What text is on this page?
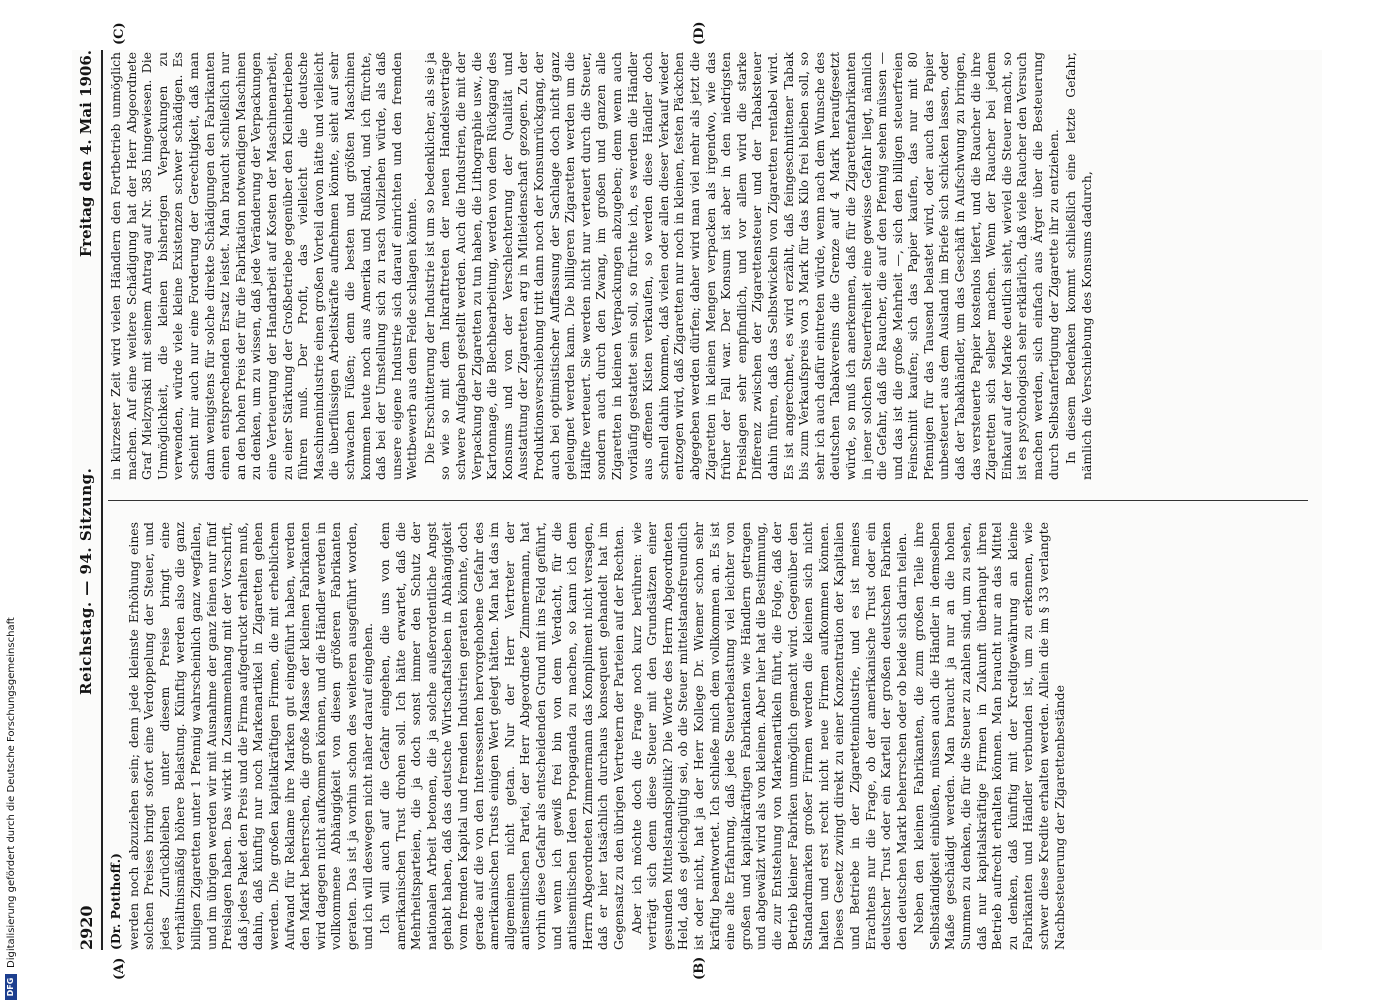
2920
Reichstag. — 94. Sitzung.
Freitag den 4. Mai 1906.

(Dr. Potthoff.) werden noch abzuziehen sein; denn jede kleinste Erhöhung eines solchen Preises bringt sofort eine Verdoppelung der Steuer, und jedes Zurückbleiben unter diesem Preise bringt eine verhältnismäßig höhere Belastung. Künftig werden also die ganz billigen Zigaretten unter 1 Pfennig wahrscheinlich ganz wegfallen, und im übrigen werden wir mit Ausnahme der ganz feinen nur fünf Preislagen haben. Das wirkt in Zusammenhang mit der Vorschrift, daß jedes Paket den Preis und die Firma aufgedruckt erhalten muß, dahin, daß künftig nur noch Markenartikel in Zigaretten gehen werden. Die großen kapitalkräftigen Firmen, die mit erheblichem Aufwand für Reklame ihre Marken gut eingeführt haben, werden den Markt beherrschen, die große Masse der kleinen Fabrikanten wird dagegen nicht aufkommen können, und die Händler werden in vollkommene Abhängigkeit von diesen größeren Fabrikanten geraten. Das ist ja vorhin schon des weiteren ausgeführt worden, und ich will deswegen nicht näher darauf eingehen. Ich will auch auf die Gefahr eingehen, die uns von dem amerikanischen Trust drohen soll. Ich hätte erwartet, daß die Mehrheitsparteien, die ja doch sonst immer den Schutz der nationalen Arbeit betonen, die ja solche außerordentliche Angst gehabt haben, daß das deutsche Wirtschaftsleben in Abhängigkeit vom fremden Kapital und fremden Industrien geraten könnte, doch gerade auf die von den Interessenten hervorgehobene Gefahr des amerikanischen Trusts einigen Wert gelegt hätten. Man hat das im allgemeinen nicht getan. Nur der Herr Vertreter der antisemitischen Partei, der Herr Abgeordnete Zimmermann, hat vorhin diese Gefahr als entscheidenden Grund mit ins Feld geführt, und wenn ich gewiß frei bin von dem Verdacht, für die antisemitischen Ideen Propaganda zu machen, so kann ich dem Herrn Abgeordneten Zimmermann das Kompliment nicht versagen, daß er hier tatsächlich durchaus konsequent gehandelt hat im Gegensatz zu den übrigen Vertretern der Parteien auf der Rechten. Aber ich möchte doch die Frage noch kurz berühren: wie verträgt sich denn diese Steuer mit den Grundsätzen einer gesunden Mittelstandspolitik? Die Worte des Herrn Abgeordneten Held, daß es gleichgültig sei, ob die Steuer mittelstandsfreundlich ist oder nicht, hat ja der Herr Kollege Dr. Wiemer schon sehr kräftig beantwortet. Ich schließe mich dem vollkommen an. Es ist eine alte Erfahrung, daß jede Steuerbelastung viel leichter von großen und kapitalkräftigen Fabrikanten wie Händlern getragen und abgewälzt wird als von kleinen. Aber hier hat die Bestimmung, die zur Entstehung von Markenartikeln führt, die Folge, daß der Betrieb kleiner Fabriken unmöglich gemacht wird. Gegenüber den Standardmarken großer Firmen werden die kleinen sich nicht halten und erst recht nicht neue Firmen aufkommen können. Dieses Gesetz zwingt direkt zu einer Konzentration der Kapitalien und Betriebe in der Zigarettenindustrie, und es ist meines Erachtens nur die Frage, ob der amerikanische Trust oder ein deutscher Trust oder ein Kartell der großen deutschen Fabriken den deutschen Markt beherrschen oder ob beide sich darin teilen. Neben den kleinen Fabrikanten, die zum großen Teile ihre Selbständigkeit einbüßen, müssen auch die Händler in demselben Maße geschädigt werden. Man braucht ja nur an die hohen Summen zu denken, die für die Steuer zu zahlen sind, um zu sehen, daß nur kapitalskräftige Firmen in Zukunft überhaupt ihren Betrieb aufrecht erhalten können. Man braucht nur an das Mittel zu denken, daß künftig mit der Kreditgewährung an kleine Fabrikanten und Händler verbunden ist, um zu erkennen, wie schwer diese Kredite erhalten werden. Allein die im § 33 verlangte Nachbesteuerung der Zigarettenbestände

in kürzester Zeit wird vielen Händlern den Fortbetrieb unmöglich machen. Auf eine weitere Schädigung hat der Herr Abgeordnete Graf Mielzynski mit seinem Antrag auf Nr. 385 hingewiesen. Die Unmöglichkeit, die kleinen bisherigen Verpackungen zu verwenden, würde viele kleine Existenzen schwer schädigen. Es scheint mir auch nur eine Forderung der Gerechtigkeit, daß man dann wenigstens für solche direkte Schädigungen den Fabrikanten einen entsprechenden Ersatz leistet. Man braucht schließlich nur an den hohen Preis der für die Fabrikation notwendigen Maschinen zu denken, um zu wissen, daß jede Veränderung der Verpackungen eine Verteuerung der Handarbeit auf Kosten der Maschinenarbeit, zu einer Stärkung der Großbetriebe gegenüber den Kleinbetrieben führen muß. Der Profit, das vielleicht die deutsche Maschinenindustrie einen großen Vorteil davon hätte und vielleicht die überflüssigen Arbeitskräfte aufnehmen könnte, sieht auf sehr schwachen Füßen; denn die besten und größten Maschinen kommen heute noch aus Amerika und Rußland, und ich fürchte, daß bei der Umstellung sich zu rasch vollziehen würde, als daß unsere eigene Industrie sich darauf einrichten und den fremden Wettbewerb aus dem Felde schlagen könnte. Die Erschütterung der Industrie ist um so bedenklicher, als sie ja so wie so mit dem Inkrafttreten der neuen Handelsverträge schwere Aufgaben gestellt werden. Auch die Industrien, die mit der Verpackung der Zigaretten zu tun haben, die Lithographie usw., die Kartonnage, die Blechbearbeitung, werden von dem Rückgang des Konsums und von der Verschlechterung der Qualität und Ausstattung der Zigaretten arg in Mitleidenschaft gezogen. Zu der Produktionsverschiebung tritt dann noch der Konsumrückgang, der auch bei optimistischer Auffassung der Sachlage doch nicht ganz geleugnet werden kann. Die billigeren Zigaretten werden um die Hälfte verteuert. Sie werden nicht nur verteuert durch die Steuer, sondern auch durch den Zwang, im großen und ganzen alle Zigaretten in kleinen Verpackungen abzugeben; denn wenn auch vorläufig gestattet sein soll, so fürchte ich, es werden die Händler aus offenen Kisten verkaufen, so werden diese Händler doch schnell dahin kommen, daß vielen oder allen dieser Verkauf wieder entzogen wird, daß Zigaretten nur noch in kleinen, festen Päckchen abgegeben werden dürfen; daher wird man viel mehr als jetzt die Zigaretten in kleinen Mengen verpacken als irgendwo, wie das früher der Fall war. Der Konsum ist aber in den niedrigsten Preislagen sehr empfindlich, und vor allem wird die starke Differenz zwischen der Zigarettensteuer und der Tabaksteuer dahin führen, daß das Selbstwickeln von Zigaretten rentabel wird. Es ist angerechnet, es wird erzählt, daß feingeschnittener Tabak bis zum Verkaufspreis von 3 Mark für das Kilo frei bleiben soll, so sehr ich auch dafür eintreten würde, wenn nach dem Wunsche des deutschen Tabakvereins die Grenze auf 4 Mark heraufgesetzt würde, so muß ich anerkennen, daß für die Zigarettenfabrikanten in jener solchen Steuerfreiheit eine gewisse Gefahr liegt, nämlich die Gefahr, daß die Raucher, die auf den Pfennig sehen müssen — und das ist die große Mehrheit —, sich den billigen steuerfreien Feinschnitt kaufen; sich das Papier kaufen, das nur mit 80 Pfennigen für das Tausend belastet wird, oder auch das Papier unbesteuert aus dem Ausland im Briefe sich schicken lassen, oder daß der Tabakhändler, um das Geschäft in Aufschwung zu bringen, das versteuerte Papier kostenlos liefert, und die Raucher die ihre Zigaretten sich selber machen. Wenn der Raucher bei jedem Einkauf auf der Marke deutlich sieht, wieviel die Steuer macht, so ist es psychologisch sehr erklärlich, daß viele Raucher den Versuch machen werden, sich einfach aus Ärger über die Besteuerung durch Selbstanfertigung der Zigarette ihr zu entziehen. In diesem Bedenken kommt schließlich eine letzte Gefahr, nämlich die Verschiebung des Konsums dadurch,

(A)	(B)
(C)	(D)
DFG
Digitalisierung gefördert durch die Deutsche Forschungsgemeinschaft
